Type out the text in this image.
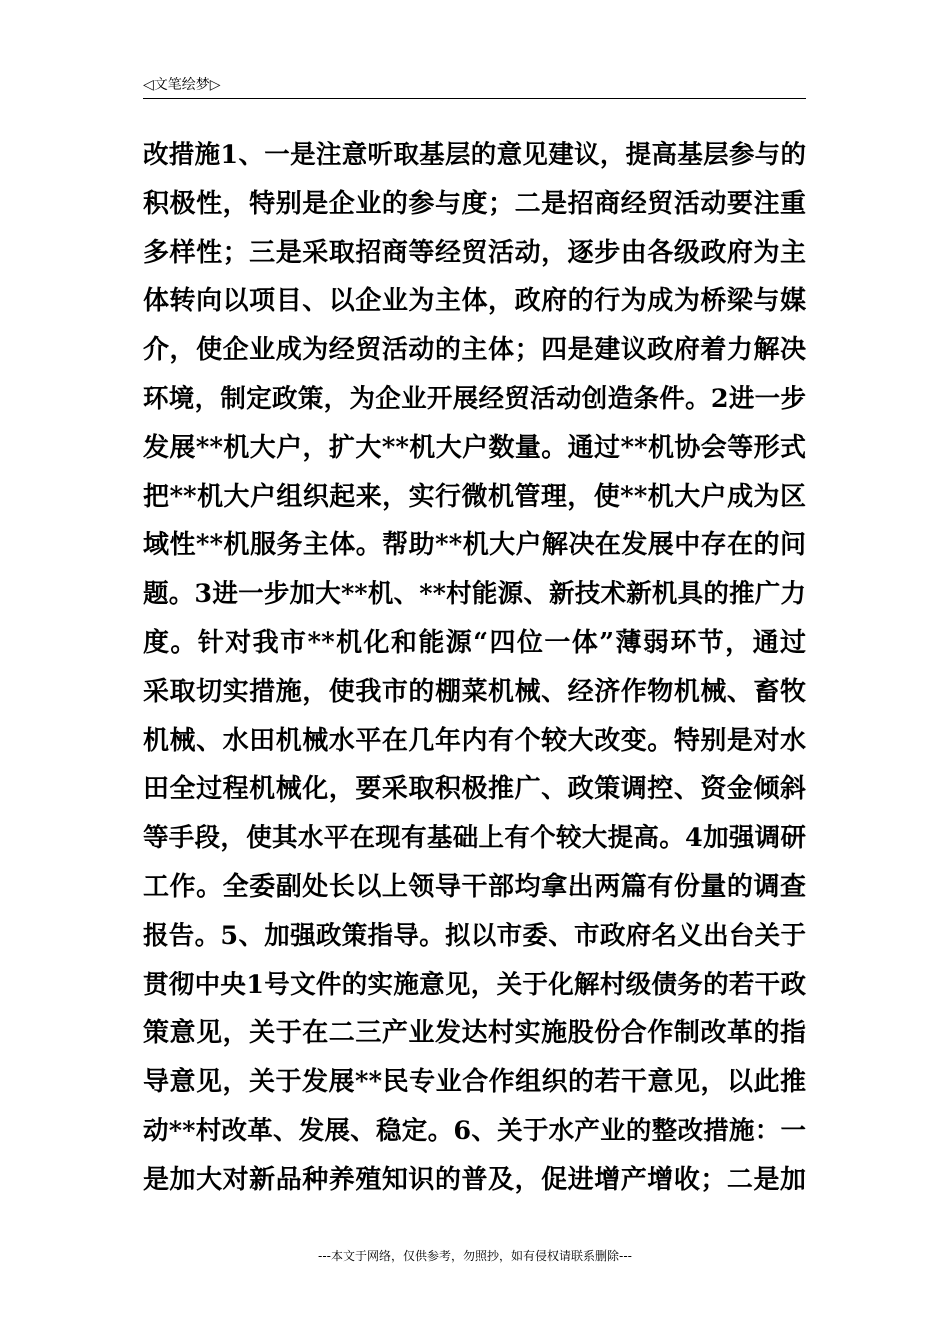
◁文笔绘梦▷
改措施1、一是注意听取基层的意见建议，提高基层参与的
积极性，特别是企业的参与度；二是招商经贸活动要注重
多样性；三是采取招商等经贸活动，逐步由各级政府为主
体转向以项目、以企业为主体，政府的行为成为桥梁与媒
介，使企业成为经贸活动的主体；四是建议政府着力解决
环境，制定政策，为企业开展经贸活动创造条件。2进一步
发展**机大户，扩大**机大户数量。通过**机协会等形式
把**机大户组织起来，实行微机管理，使**机大户成为区
域性**机服务主体。帮助**机大户解决在发展中存在的问
题。3进一步加大**机、**村能源、新技术新机具的推广力
度。针对我市**机化和能源“四位一体”薄弱环节，通过
采取切实措施，使我市的棚菜机械、经济作物机械、畜牧
机械、水田机械水平在几年内有个较大改变。特别是对水
田全过程机械化，要采取积极推广、政策调控、资金倾斜
等手段，使其水平在现有基础上有个较大提高。4加强调研
工作。全委副处长以上领导干部均拿出两篇有份量的调查
报告。5、加强政策指导。拟以市委、市政府名义出台关于
贯彻中央1号文件的实施意见，关于化解村级债务的若干政
策意见，关于在二三产业发达村实施股份合作制改革的指
导意见，关于发展**民专业合作组织的若干意见，以此推
动**村改革、发展、稳定。6、关于水产业的整改措施：一
是加大对新品种养殖知识的普及，促进增产增收；二是加
---本文于网络，仅供参考，勿照抄，如有侵权请联系删除---
